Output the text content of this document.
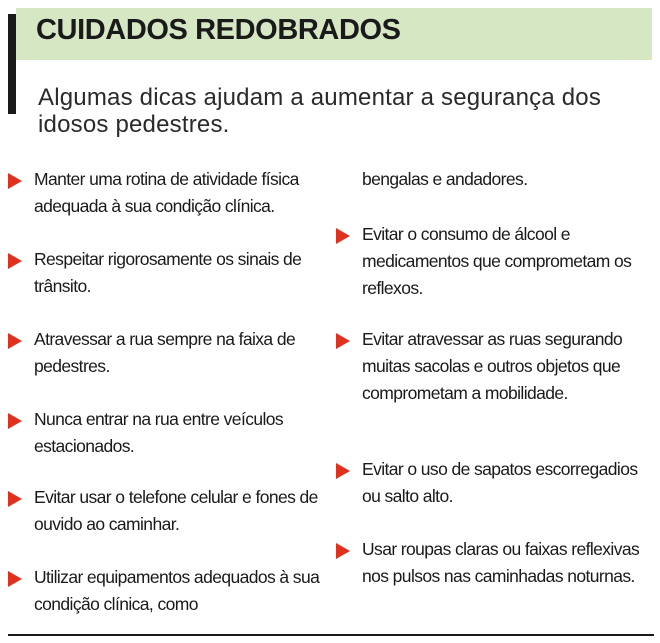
CUIDADOS REDOBRADOS

Algumas dicas ajudam a aumentar a segurança dos idosos pedestres.

Manter uma rotina de atividade física adequada à sua condição clínica.
Respeitar rigorosamente os sinais de trânsito.
Atravessar a rua sempre na faixa de pedestres.
Nunca entrar na rua entre veículos estacionados.
Evitar usar o telefone celular e fones de ouvido ao caminhar.
Utilizar equipamentos adequados à sua condição clínica, como
bengalas e andadores.
Evitar o consumo de álcool e medicamentos que comprometam os reflexos.
Evitar atravessar as ruas segurando muitas sacolas e outros objetos que comprometam a mobilidade.
Evitar o uso de sapatos escorregadios ou salto alto.
Usar roupas claras ou faixas reflexivas nos pulsos nas caminhadas noturnas.
